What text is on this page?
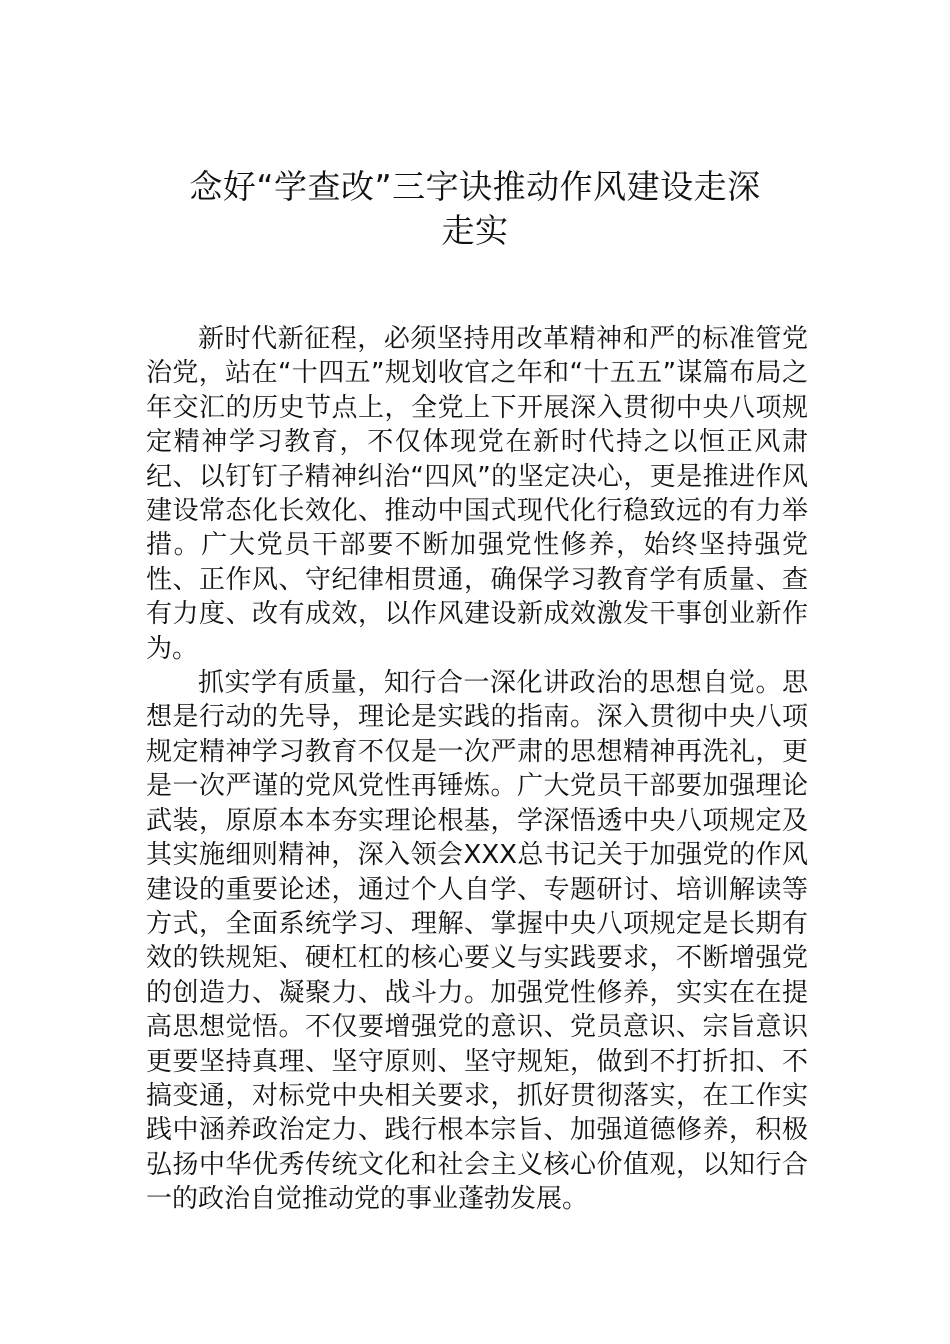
念好“学查改”三字诀推动作风建设走深
走实

新时代新征程，必须坚持用改革精神和严的标准管党治党，站在“十四五”规划收官之年和“十五五”谋篇布局之年交汇的历史节点上，全党上下开展深入贯彻中央八项规定精神学习教育，不仅体现党在新时代持之以恒正风肃纪、以钉钉子精神纠治“四风”的坚定决心，更是推进作风建设常态化长效化、推动中国式现代化行稳致远的有力举措。广大党员干部要不断加强党性修养，始终坚持强党性、正作风、守纪律相贯通，确保学习教育学有质量、查有力度、改有成效，以作风建设新成效激发干事创业新作为。

抓实学有质量，知行合一深化讲政治的思想自觉。思想是行动的先导，理论是实践的指南。深入贯彻中央八项规定精神学习教育不仅是一次严肃的思想精神再洗礼，更是一次严谨的党风党性再锤炼。广大党员干部要加强理论武装，原原本本夯实理论根基，学深悟透中央八项规定及其实施细则精神，深入领会XXX总书记关于加强党的作风建设的重要论述，通过个人自学、专题研讨、培训解读等方式，全面系统学习、理解、掌握中央八项规定是长期有效的铁规矩、硬杠杠的核心要义与实践要求，不断增强党的创造力、凝聚力、战斗力。加强党性修养，实实在在提高思想觉悟。不仅要增强党的意识、党员意识、宗旨意识更要坚持真理、坚守原则、坚守规矩，做到不打折扣、不搞变通，对标党中央相关要求，抓好贯彻落实，在工作实践中涵养政治定力、践行根本宗旨、加强道德修养，积极弘扬中华优秀传统文化和社会主义核心价值观，以知行合一的政治自觉推动党的事业蓬勃发展。
